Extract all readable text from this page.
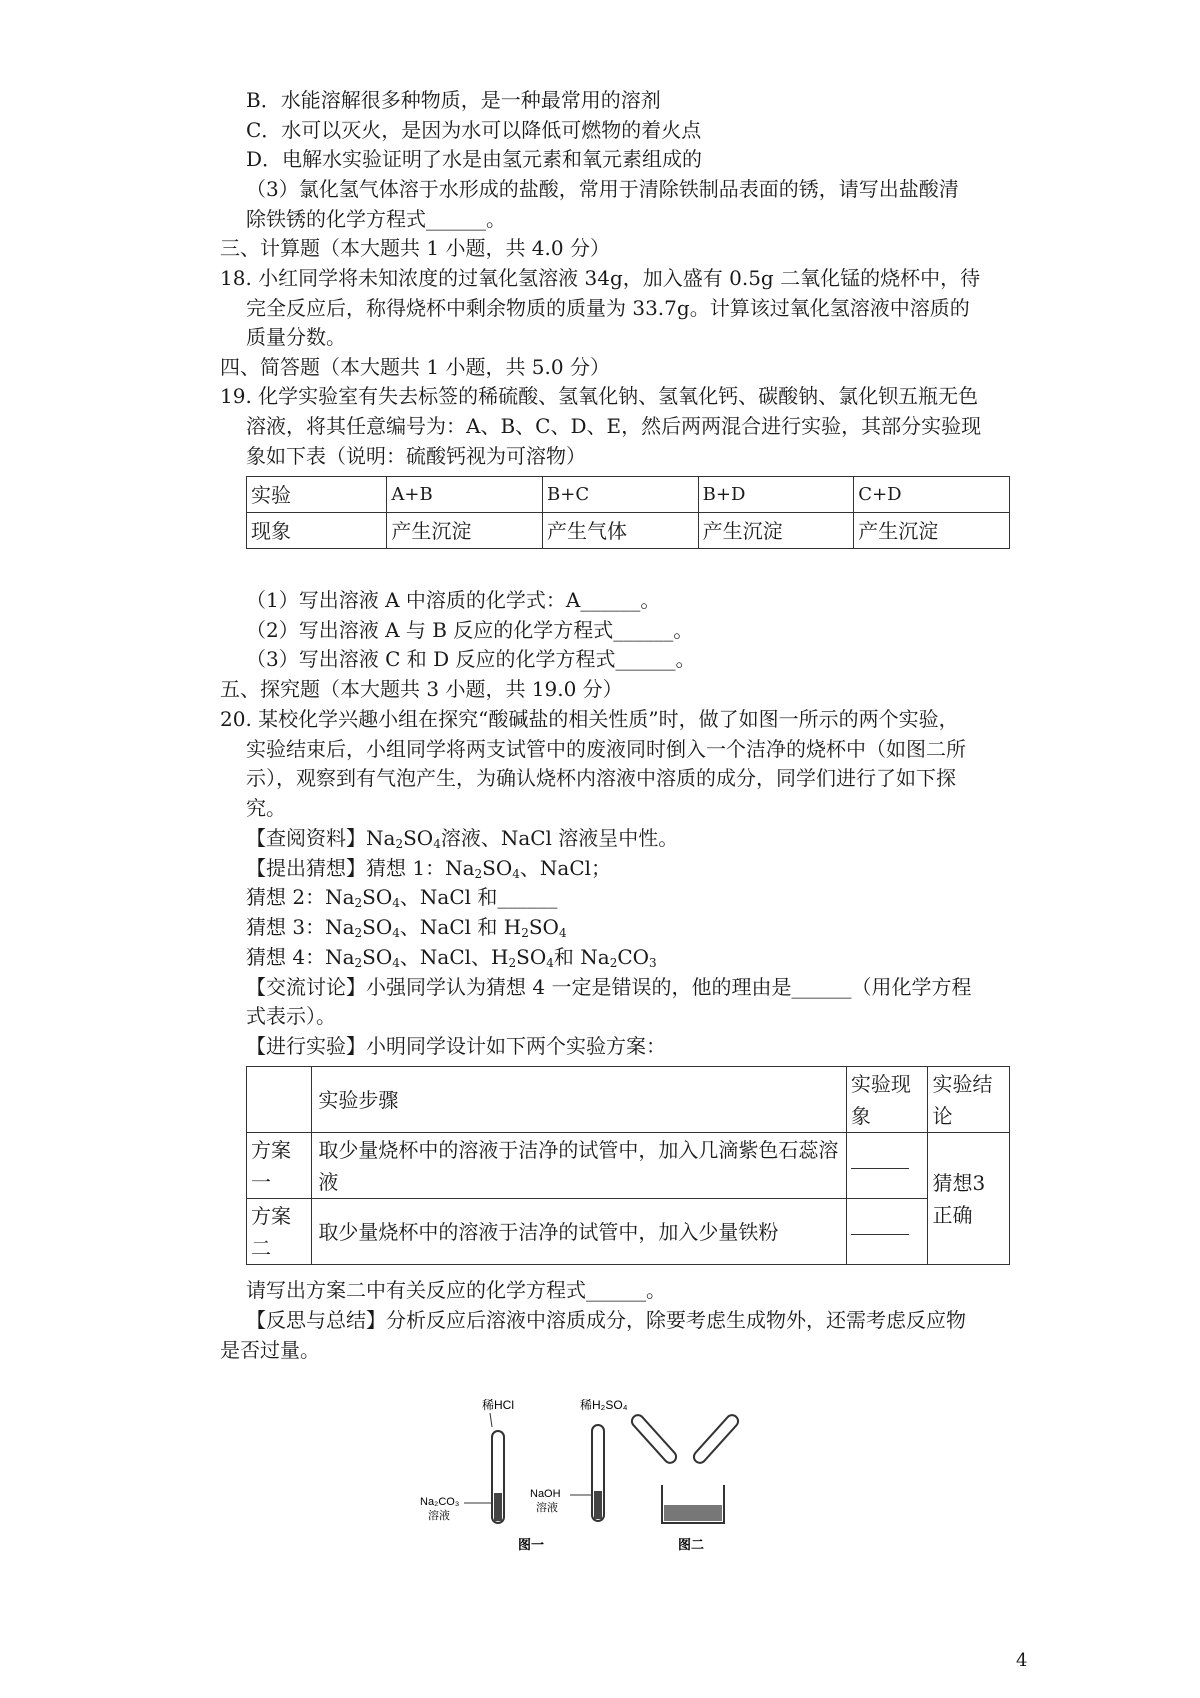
B．水能溶解很多种物质，是一种最常用的溶剂
C．水可以灭火，是因为水可以降低可燃物的着火点
D．电解水实验证明了水是由氢元素和氧元素组成的
（3）氯化氢气体溶于水形成的盐酸，常用于清除铁制品表面的锈，请写出盐酸清
除铁锈的化学方程式______。
三、计算题（本大题共 1 小题，共 4.0 分）
18. 小红同学将未知浓度的过氧化氢溶液 34g，加入盛有 0.5g 二氧化锰的烧杯中，待
完全反应后，称得烧杯中剩余物质的质量为 33.7g。计算该过氧化氢溶液中溶质的
质量分数。
四、简答题（本大题共 1 小题，共 5.0 分）
19. 化学实验室有失去标签的稀硫酸、氢氧化钠、氢氧化钙、碳酸钠、氯化钡五瓶无色
溶液，将其任意编号为：A、B、C、D、E，然后两两混合进行实验，其部分实验现
象如下表（说明：硫酸钙视为可溶物）
实验	A+B	B+C	B+D	C+D
现象	产生沉淀	产生气体	产生沉淀	产生沉淀
（1）写出溶液 A 中溶质的化学式：A______。
（2）写出溶液 A 与 B 反应的化学方程式______。
（3）写出溶液 C 和 D 反应的化学方程式______。
五、探究题（本大题共 3 小题，共 19.0 分）
20. 某校化学兴趣小组在探究“酸碱盐的相关性质”时，做了如图一所示的两个实验，
实验结束后，小组同学将两支试管中的废液同时倒入一个洁净的烧杯中（如图二所
示），观察到有气泡产生，为确认烧杯内溶液中溶质的成分，同学们进行了如下探
究。
【查阅资料】$Na_2SO_4$溶液、NaCl 溶液呈中性。
【提出猜想】猜想 1：$Na_2SO_4$、NaCl；
猜想 2：$Na_2SO_4$、NaCl 和______
猜想 3：$Na_2SO_4$、NaCl 和 $H_2SO_4$
猜想 4：$Na_2SO_4$、NaCl、$H_2SO_4$和 $Na_2CO_3$
【交流讨论】小强同学认为猜想 4 一定是错误的，他的理由是______（用化学方程
式表示）。
【进行实验】小明同学设计如下两个实验方案：
	实验步骤	实验现象	实验结论
方案一	取少量烧杯中的溶液于洁净的试管中，加入几滴紫色石蕊溶液		猜想3正确
方案二	取少量烧杯中的溶液于洁净的试管中，加入少量铁粉		
请写出方案二中有关反应的化学方程式______。
【反思与总结】分析反应后溶液中溶质成分，除要考虑生成物外，还需考虑反应物
是否过量。
稀HCl
Na₂CO₃
溶液
稀H₂SO₄
NaOH
溶液
图一	图二
4
